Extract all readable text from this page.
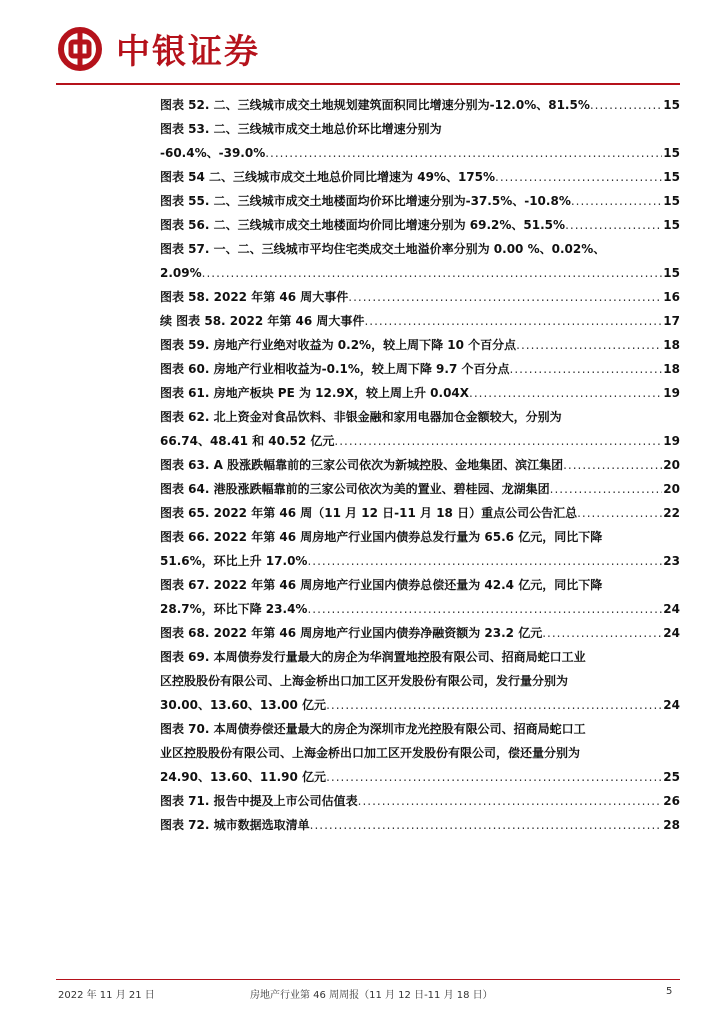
中银证券
图表 52. 二、三线城市成交土地规划建筑面积同比增速分别为-12.0%、81.5% .....	15
图表 53. 二、三线城市成交土地总价环比增速分别为
-60.4%、-39.0% .....	15
图表 54 二、三线城市成交土地总价同比增速为 49%、175% .....	15
图表 55. 二、三线城市成交土地楼面均价环比增速分别为-37.5%、-10.8% .....	15
图表 56. 二、三线城市成交土地楼面均价同比增速分别为 69.2%、51.5% .....	15
图表 57. 一、二、三线城市平均住宅类成交土地溢价率分别为 0.00 %、0.02%、
2.09% .....	15
图表 58. 2022 年第 46 周大事件 .....	16
续 图表 58. 2022 年第 46 周大事件 .....	17
图表 59. 房地产行业绝对收益为 0.2%，较上周下降 10 个百分点 .....	18
图表 60. 房地产行业相收益为-0.1%，较上周下降 9.7 个百分点 .....	18
图表 61. 房地产板块 PE 为 12.9X，较上周上升 0.04X .....	19
图表 62. 北上资金对食品饮料、非银金融和家用电器加仓金额较大，分别为
66.74、48.41 和 40.52 亿元 .....	19
图表 63. A 股涨跌幅靠前的三家公司依次为新城控股、金地集团、滨江集团 .....	20
图表 64. 港股涨跌幅靠前的三家公司依次为美的置业、碧桂园、龙湖集团 .....	20
图表 65. 2022 年第 46 周（11 月 12 日-11 月 18 日）重点公司公告汇总 .....	22
图表 66. 2022 年第 46 周房地产行业国内债券总发行量为 65.6 亿元，同比下降
51.6%，环比上升 17.0% .....	23
图表 67. 2022 年第 46 周房地产行业国内债券总偿还量为 42.4 亿元，同比下降
28.7%，环比下降 23.4% .....	24
图表 68. 2022 年第 46 周房地产行业国内债券净融资额为 23.2 亿元 .....	24
图表 69. 本周债券发行量最大的房企为华润置地控股有限公司、招商局蛇口工业
区控股股份有限公司、上海金桥出口加工区开发股份有限公司，发行量分别为
30.00、13.60、13.00 亿元 .....	24
图表 70. 本周债券偿还量最大的房企为深圳市龙光控股有限公司、招商局蛇口工
业区控股股份有限公司、上海金桥出口加工区开发股份有限公司，偿还量分别为
24.90、13.60、11.90 亿元 .....	25
图表 71. 报告中提及上市公司估值表 .....	26
图表 72. 城市数据选取清单 .....	28
2022 年 11 月 21 日	房地产行业第 46 周周报（11 月 12 日-11 月 18 日）	5
